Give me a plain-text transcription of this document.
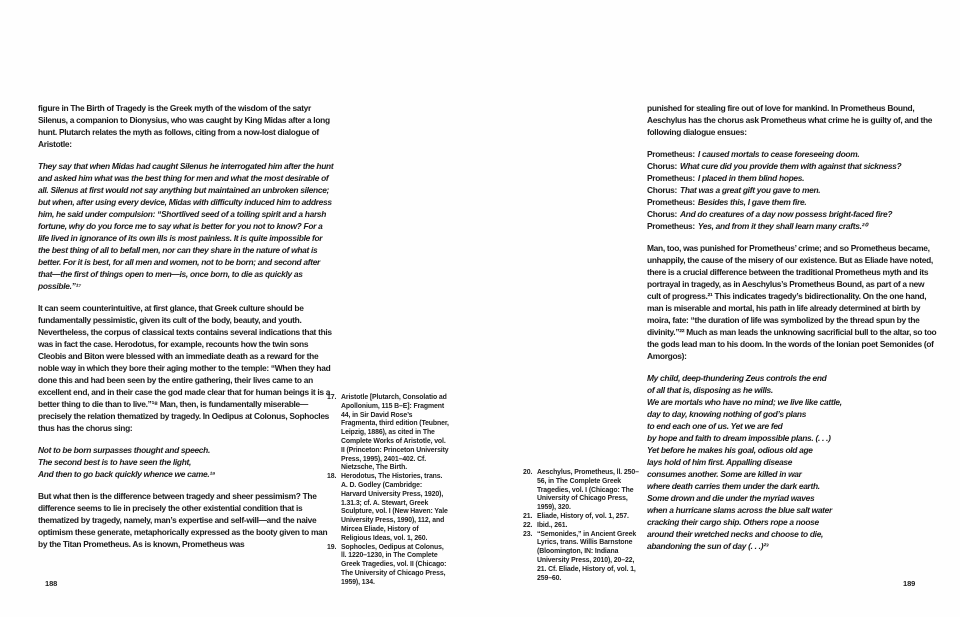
figure in The Birth of Tragedy is the Greek myth of the wisdom of the satyr Silenus, a companion to Dionysius, who was caught by King Midas after a long hunt. Plutarch relates the myth as follows, citing from a now-lost dialogue of Aristotle:
They say that when Midas had caught Silenus he interrogated him after the hunt and asked him what was the best thing for men and what the most desirable of all. Silenus at first would not say anything but maintained an unbroken silence; but when, after using every device, Midas with difficulty induced him to address him, he said under compulsion: “Shortlived seed of a toiling spirit and a harsh fortune, why do you force me to say what is better for you not to know? For a life lived in ignorance of its own ills is most painless. It is quite impossible for the best thing of all to befall men, nor can they share in the nature of what is better. For it is best, for all men and women, not to be born; and second after that—the first of things open to men—is, once born, to die as quickly as possible.”¹⁷
It can seem counterintuitive, at first glance, that Greek culture should be fundamentally pessimistic, given its cult of the body, beauty, and youth. Nevertheless, the corpus of classical texts contains several indications that this was in fact the case. Herodotus, for example, recounts how the twin sons Cleobis and Biton were blessed with an immediate death as a reward for the noble way in which they bore their aging mother to the temple: “When they had done this and had been seen by the entire gathering, their lives came to an excellent end, and in their case the god made clear that for human beings it is a better thing to die than to live.”¹⁸ Man, then, is fundamentally miserable—precisely the relation thematized by tragedy. In Oedipus at Colonus, Sophocles thus has the chorus sing:
Not to be born surpasses thought and speech.
The second best is to have seen the light,
And then to go back quickly whence we came.¹⁹
But what then is the difference between tragedy and sheer pessimism? The difference seems to lie in precisely the other existential condition that is thematized by tragedy, namely, man’s expertise and self-will—and the naive optimism these generate, metaphorically expressed as the booty given to man by the Titan Prometheus. As is known, Prometheus was
17. Aristotle [Plutarch, Consolatio ad Apollonium, 115 B–E]: Fragment 44, in Sir David Rose’s Fragmenta, third edition (Teubner, Leipzig, 1886), as cited in The Complete Works of Aristotle, vol. II (Princeton: Princeton University Press, 1995), 2401–402. Cf. Nietzsche, The Birth.
18. Herodotus, The Histories, trans. A. D. Godley (Cambridge: Harvard University Press, 1920), 1.31.3; cf. A. Stewart, Greek Sculpture, vol. I (New Haven: Yale University Press, 1990), 112, and Mircea Eliade, History of Religious Ideas, vol. 1, 260.
19. Sophocles, Oedipus at Colonus, ll. 1220–1230, in The Complete Greek Tragedies, vol. II (Chicago: The University of Chicago Press, 1959), 134.
20. Aeschylus, Prometheus, ll. 250–56, in The Complete Greek Tragedies, vol. I (Chicago: The University of Chicago Press, 1959), 320.
21. Eliade, History of, vol. 1, 257.
22. Ibid., 261.
23. “Semonides,” in Ancient Greek Lyrics, trans. Willis Barnstone (Bloomington, IN: Indiana University Press, 2010), 20–22, 21. Cf. Eliade, History of, vol. 1, 259–60.
punished for stealing fire out of love for mankind. In Prometheus Bound, Aeschylus has the chorus ask Prometheus what crime he is guilty of, and the following dialogue ensues:
Prometheus: I caused mortals to cease foreseeing doom.
Chorus: What cure did you provide them with against that sickness?
Prometheus: I placed in them blind hopes.
Chorus: That was a great gift you gave to men.
Prometheus: Besides this, I gave them fire.
Chorus: And do creatures of a day now possess bright-faced fire?
Prometheus: Yes, and from it they shall learn many crafts.²⁰
Man, too, was punished for Prometheus’ crime; and so Prometheus became, unhappily, the cause of the misery of our existence. But as Eliade have noted, there is a crucial difference between the traditional Prometheus myth and its portrayal in tragedy, as in Aeschylus’s Prometheus Bound, as part of a new cult of progress.²¹ This indicates tragedy’s bidirectionality. On the one hand, man is miserable and mortal, his path in life already determined at birth by moira, fate: “the duration of life was symbolized by the thread spun by the divinity.”²² Much as man leads the unknowing sacrificial bull to the altar, so too the gods lead man to his doom. In the words of the Ionian poet Semonides (of Amorgos):
My child, deep-thundering Zeus controls the end
of all that is, disposing as he wills.
We are mortals who have no mind; we live like cattle,
day to day, knowing nothing of god’s plans
to end each one of us. Yet we are fed
by hope and faith to dream impossible plans. (. . .)
Yet before he makes his goal, odious old age
lays hold of him first. Appalling disease
consumes another. Some are killed in war
where death carries them under the dark earth.
Some drown and die under the myriad waves
when a hurricane slams across the blue salt water
cracking their cargo ship. Others rope a noose
around their wretched necks and choose to die,
abandoning the sun of day (. . .)²³
188	189
